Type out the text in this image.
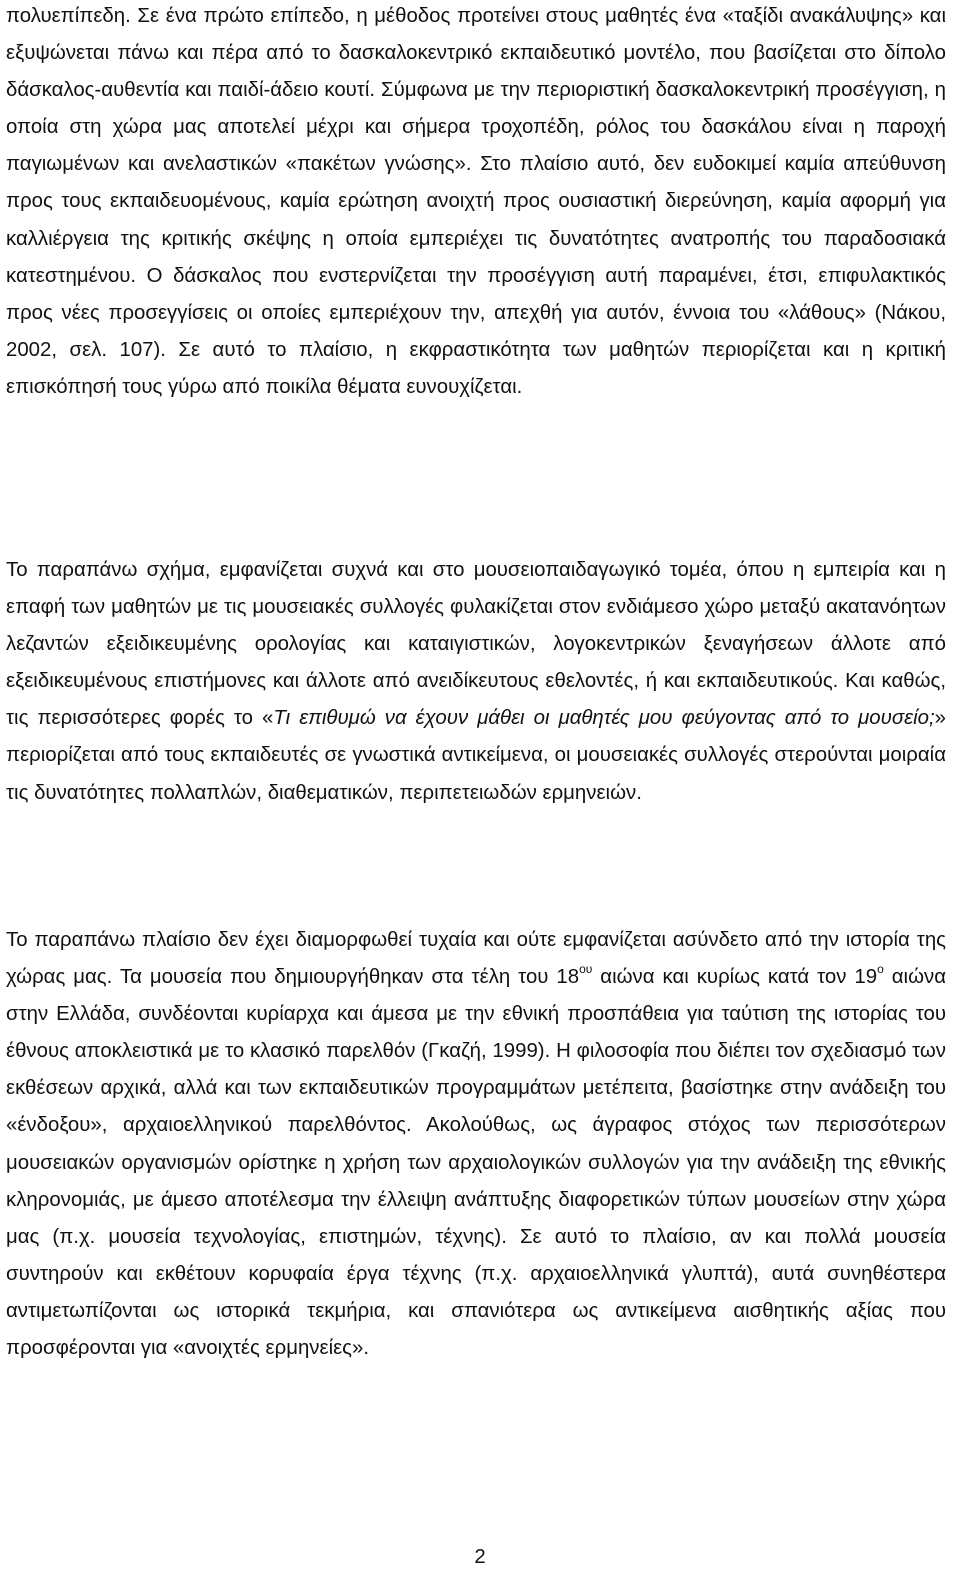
πολυεπίπεδη. Σε ένα πρώτο επίπεδο, η μέθοδος προτείνει στους μαθητές ένα «ταξίδι ανακάλυψης» και εξυψώνεται πάνω και πέρα από το δασκαλοκεντρικό εκπαιδευτικό μοντέλο, που βασίζεται στο δίπολο δάσκαλος-αυθεντία και παιδί-άδειο κουτί. Σύμφωνα με την περιοριστική δασκαλοκεντρική προσέγγιση, η οποία στη χώρα μας αποτελεί μέχρι και σήμερα τροχοπέδη, ρόλος του δασκάλου είναι η παροχή παγιωμένων και ανελαστικών «πακέτων γνώσης». Στο πλαίσιο αυτό, δεν ευδοκιμεί καμία απεύθυνση προς τους εκπαιδευομένους, καμία ερώτηση ανοιχτή προς ουσιαστική διερεύνηση, καμία αφορμή για καλλιέργεια της κριτικής σκέψης η οποία εμπεριέχει τις δυνατότητες ανατροπής του παραδοσιακά κατεστημένου. Ο δάσκαλος που ενστερνίζεται την προσέγγιση αυτή παραμένει, έτσι, επιφυλακτικός προς νέες προσεγγίσεις οι οποίες εμπεριέχουν την, απεχθή για αυτόν, έννοια του «λάθους» (Νάκου, 2002, σελ. 107). Σε αυτό το πλαίσιο, η εκφραστικότητα των μαθητών περιορίζεται και η κριτική επισκόπησή τους γύρω από ποικίλα θέματα ευνουχίζεται.

Το παραπάνω σχήμα, εμφανίζεται συχνά και στο μουσειοπαιδαγωγικό τομέα, όπου η εμπειρία και η επαφή των μαθητών με τις μουσειακές συλλογές φυλακίζεται στον ενδιάμεσο χώρο μεταξύ ακατανόητων λεζαντών εξειδικευμένης ορολογίας και καταιγιστικών, λογοκεντρικών ξεναγήσεων άλλοτε από εξειδικευμένους επιστήμονες και άλλοτε από ανειδίκευτους εθελοντές, ή και εκπαιδευτικούς. Και καθώς, τις περισσότερες φορές το «Τι επιθυμώ να έχουν μάθει οι μαθητές μου φεύγοντας από το μουσείο;» περιορίζεται από τους εκπαιδευτές σε γνωστικά αντικείμενα, οι μουσειακές συλλογές στερούνται μοιραία τις δυνατότητες πολλαπλών, διαθεματικών, περιπετειωδών ερμηνειών.

Το παραπάνω πλαίσιο δεν έχει διαμορφωθεί τυχαία και ούτε εμφανίζεται ασύνδετο από την ιστορία της χώρας μας. Τα μουσεία που δημιουργήθηκαν στα τέλη του $18^{o\upsilon}$ αιώνα και κυρίως κατά τον $19^o$ αιώνα στην Ελλάδα, συνδέονται κυρίαρχα και άμεσα με την εθνική προσπάθεια για ταύτιση της ιστορίας του έθνους αποκλειστικά με το κλασικό παρελθόν (Γκαζή, 1999). Η φιλοσοφία που διέπει τον σχεδιασμό των εκθέσεων αρχικά, αλλά και των εκπαιδευτικών προγραμμάτων μετέπειτα, βασίστηκε στην ανάδειξη του «ένδοξου», αρχαιοελληνικού παρελθόντος. Ακολούθως, ως άγραφος στόχος των περισσότερων μουσειακών οργανισμών ορίστηκε η χρήση των αρχαιολογικών συλλογών για την ανάδειξη της εθνικής κληρονομιάς, με άμεσο αποτέλεσμα την έλλειψη ανάπτυξης διαφορετικών τύπων μουσείων στην χώρα μας (π.χ. μουσεία τεχνολογίας, επιστημών, τέχνης). Σε αυτό το πλαίσιο, αν και πολλά μουσεία συντηρούν και εκθέτουν κορυφαία έργα τέχνης (π.χ. αρχαιοελληνικά γλυπτά), αυτά συνηθέστερα αντιμετωπίζονται ως ιστορικά τεκμήρια, και σπανιότερα ως αντικείμενα αισθητικής αξίας που προσφέρονται για «ανοιχτές ερμηνείες».

2
